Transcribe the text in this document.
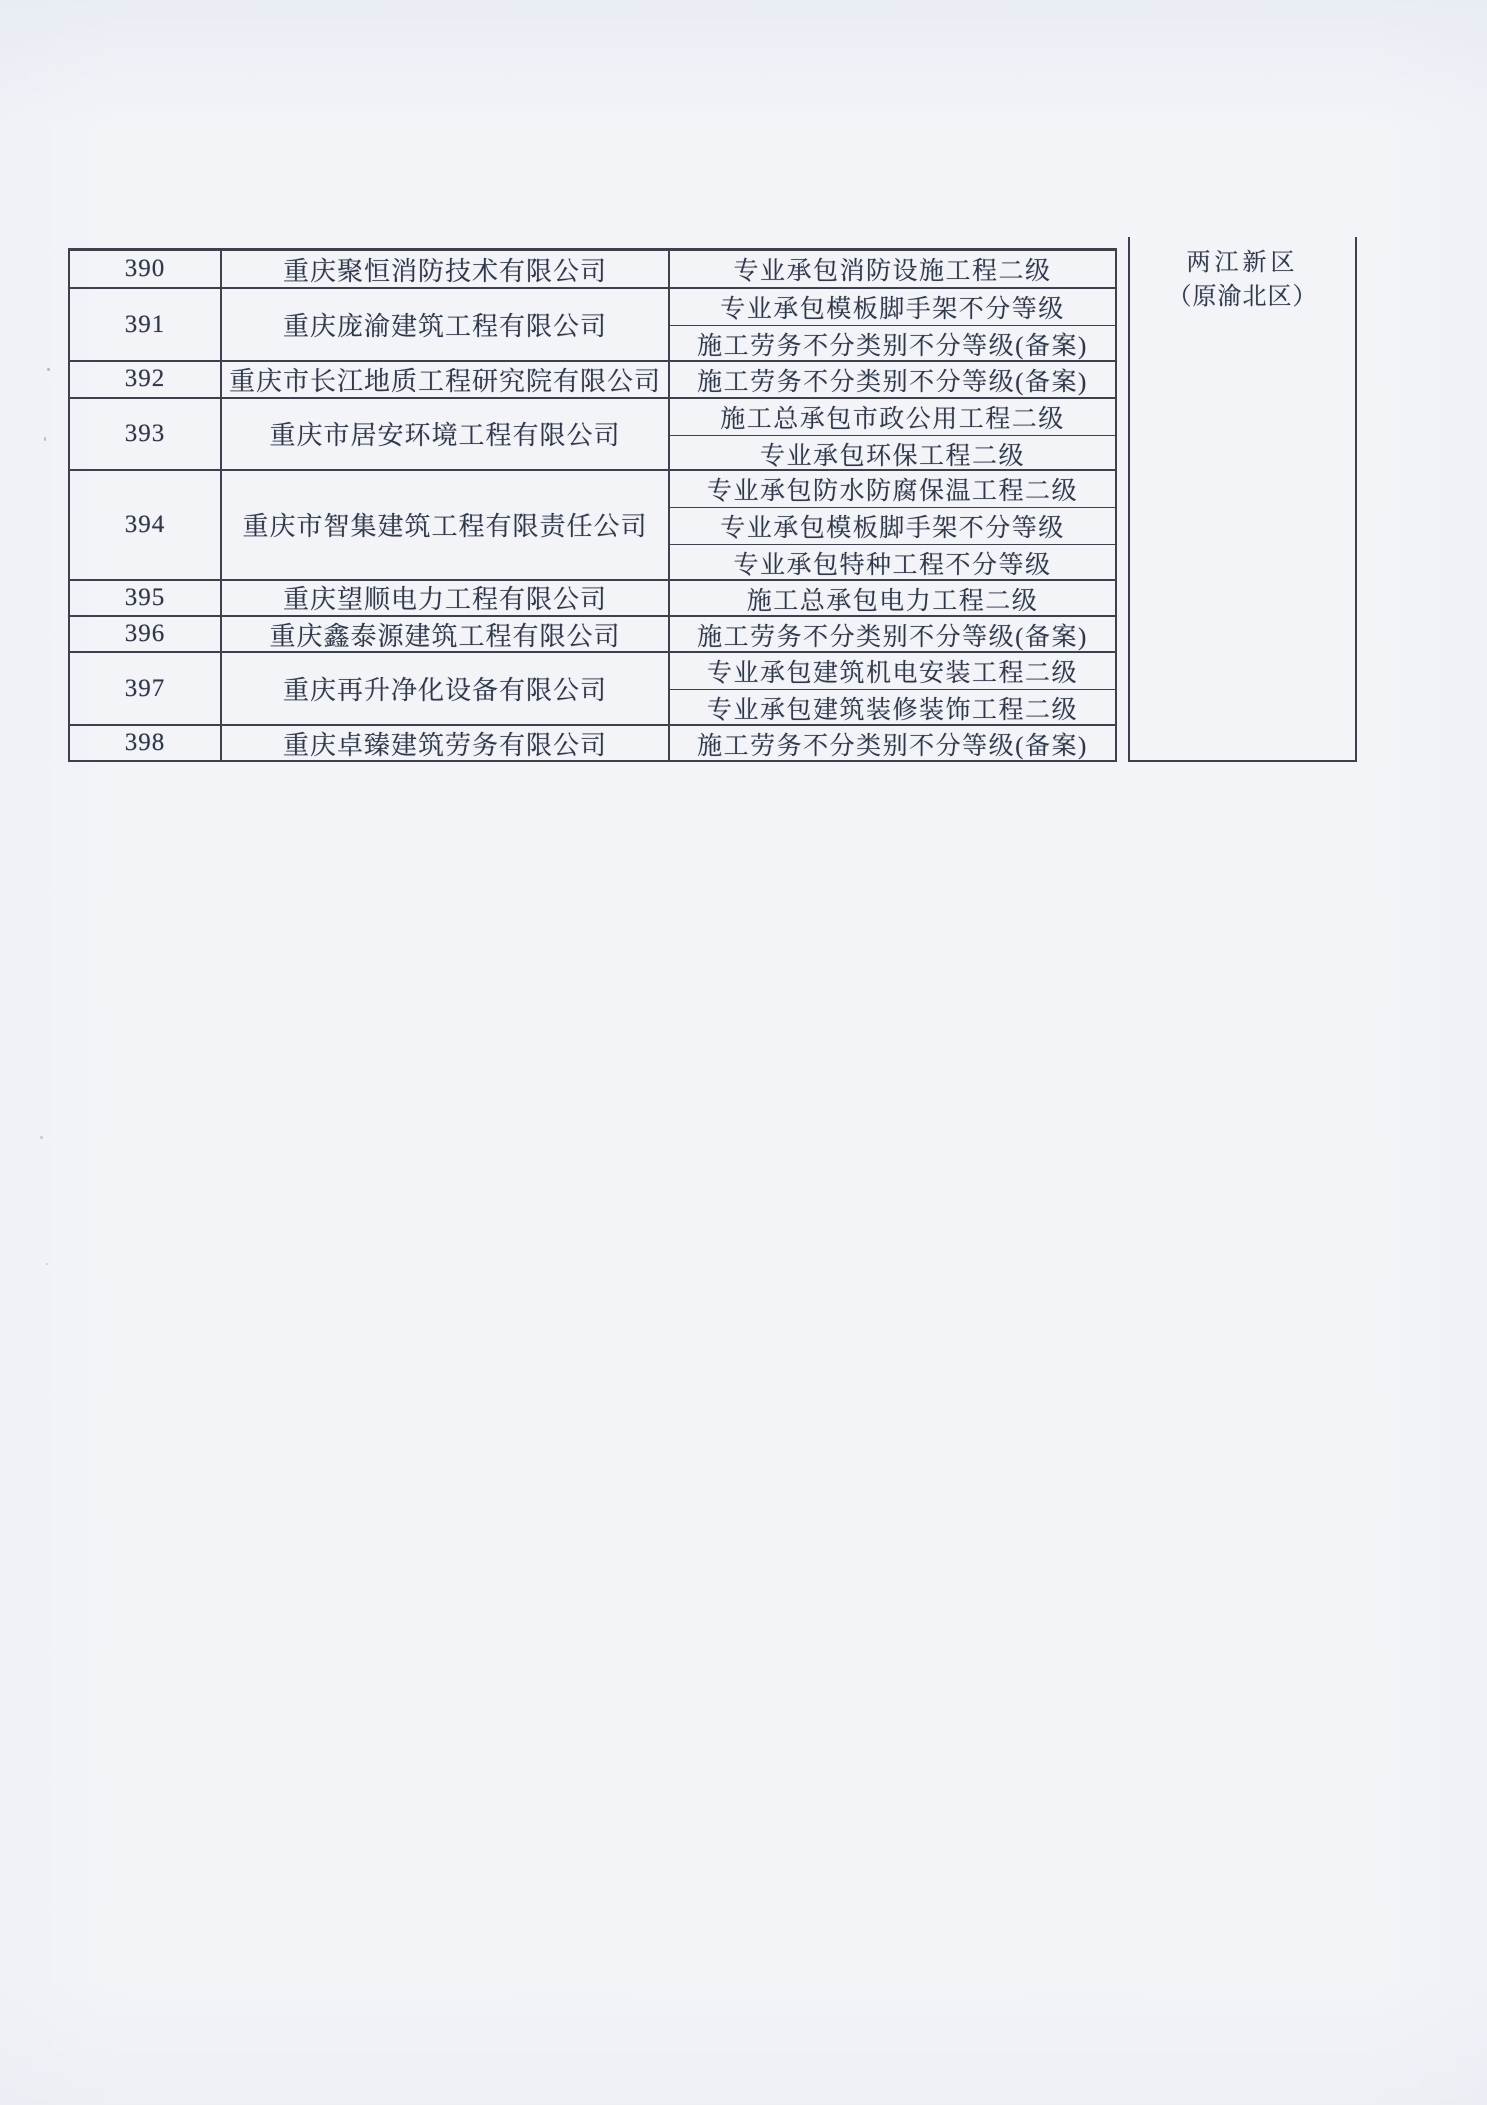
390	重庆聚恒消防技术有限公司	专业承包消防设施工程二级
391	重庆庞渝建筑工程有限公司
专业承包模板脚手架不分等级
施工劳务不分类别不分等级(备案)
392	重庆市长江地质工程研究院有限公司	施工劳务不分类别不分等级(备案)
393	重庆市居安环境工程有限公司
施工总承包市政公用工程二级
专业承包环保工程二级
394	重庆市智集建筑工程有限责任公司
专业承包防水防腐保温工程二级
专业承包模板脚手架不分等级
专业承包特种工程不分等级
395	重庆望顺电力工程有限公司	施工总承包电力工程二级
396	重庆鑫泰源建筑工程有限公司	施工劳务不分类别不分等级(备案)
397	重庆再升净化设备有限公司
专业承包建筑机电安装工程二级
专业承包建筑装修装饰工程二级
398	重庆卓臻建筑劳务有限公司	施工劳务不分类别不分等级(备案)
两江新区
（原渝北区）
